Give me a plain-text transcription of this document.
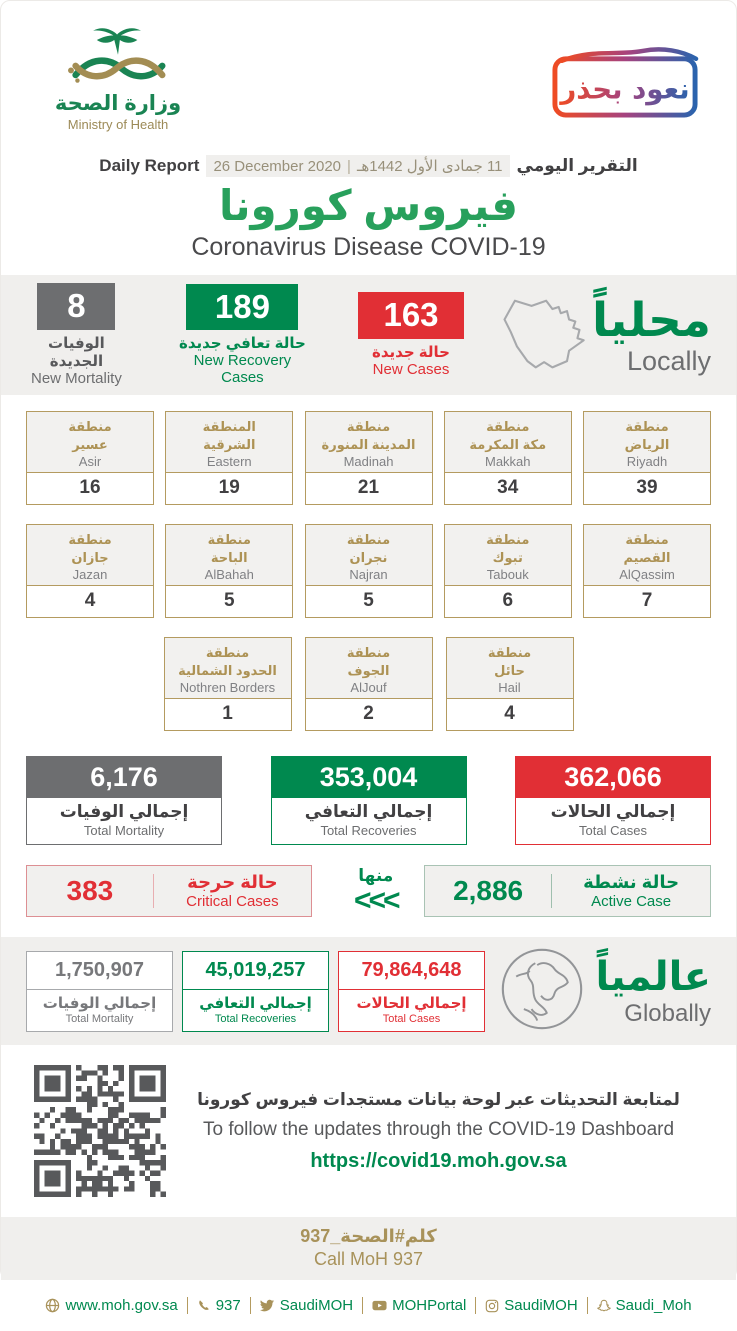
وزارة الصحة
Ministry of Health
نعود بحذر
Daily Report 26 December 2020 | 11 جمادى الأول 1442هـ التقرير اليومي
فيروس كورونا
Coronavirus Disease COVID-19
8
الوفيات الجديدة
New Mortality
189
حالة تعافي جديدة
New Recovery Cases
163
حالة جديدة
New Cases
محلياً
Locally
منطقة
الرياض
Riyadh
39
منطقة
مكة المكرمة
Makkah
34
منطقة
المدينة المنورة
Madinah
21
المنطقة
الشرقية
Eastern
19
منطقة
عسير
Asir
16
منطقة
القصيم
AlQassim
7
منطقة
تبوك
Tabouk
6
منطقة
نجران
Najran
5
منطقة
الباحة
AlBahah
5
منطقة
جازان
Jazan
4
منطقة
حائل
Hail
4
منطقة
الجوف
AlJouf
2
منطقة
الحدود الشمالية
Nothren Borders
1
6,176
إجمالي الوفيات
Total Mortality
353,004
إجمالي التعافي
Total Recoveries
362,066
إجمالي الحالات
Total Cases
383	حالة حرجة
Critical Cases
منها
<<<	2,886	حالة نشطة
Active Case
1,750,907
إجمالي الوفيات
Total Mortality
45,019,257
إجمالي التعافي
Total Recoveries
79,864,648
إجمالي الحالات
Total Cases
عالمياً
Globally
لمتابعة التحديثات عبر لوحة بيانات مستجدات فيروس كورونا
To follow the updates through the COVID-19 Dashboard
https://covid19.moh.gov.sa
كلم#الصحة_937
Call MoH 937
www.moh.gov.sa	937	SaudiMOH	MOHPortal	SaudiMOH	Saudi_Moh
